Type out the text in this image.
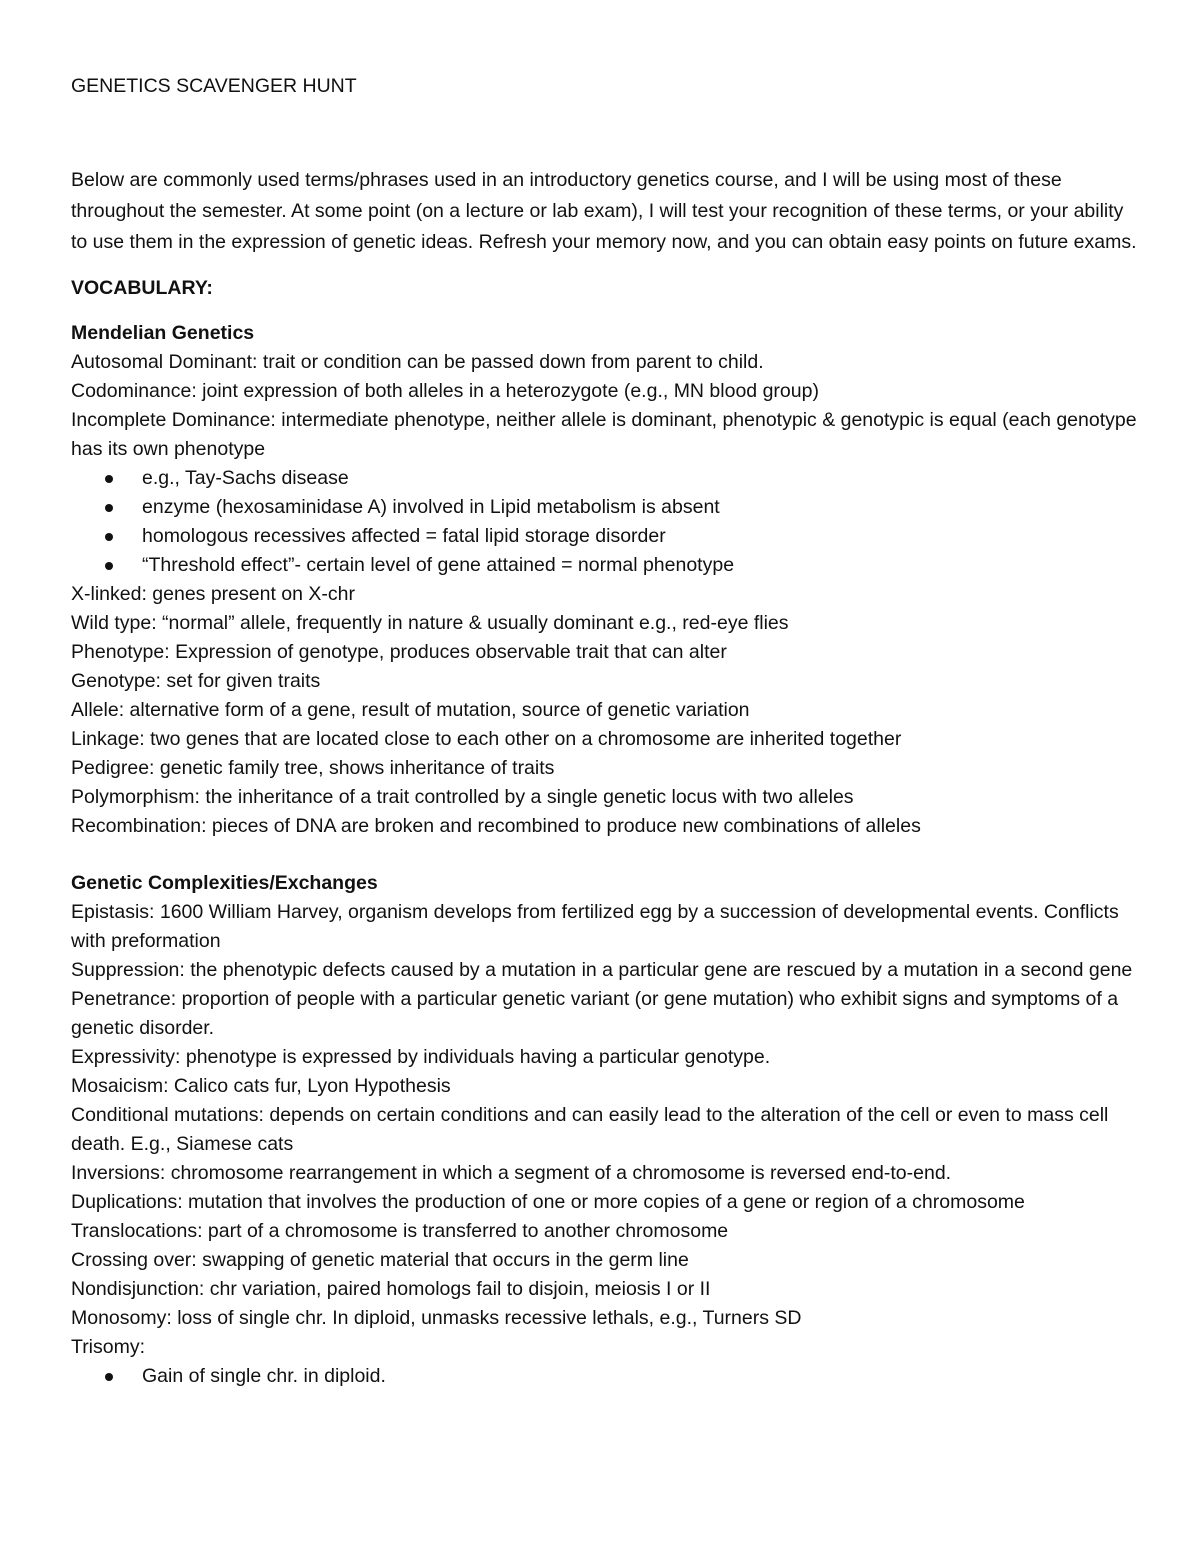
GENETICS SCAVENGER HUNT

Below are commonly used terms/phrases used in an introductory genetics course, and I will be using most of these throughout the semester. At some point (on a lecture or lab exam), I will test your recognition of these terms, or your ability to use them in the expression of genetic ideas. Refresh your memory now, and you can obtain easy points on future exams.

VOCABULARY:
Mendelian Genetics

Autosomal Dominant: trait or condition can be passed down from parent to child.

Codominance: joint expression of both alleles in a heterozygote (e.g., MN blood group)

Incomplete Dominance: intermediate phenotype, neither allele is dominant, phenotypic & genotypic is equal (each genotype has its own phenotype

e.g., Tay-Sachs disease
enzyme (hexosaminidase A) involved in Lipid metabolism is absent
homologous recessives affected = fatal lipid storage disorder
“Threshold effect”- certain level of gene attained = normal phenotype

X-linked: genes present on X-chr

Wild type: “normal” allele, frequently in nature & usually dominant e.g., red-eye flies

Phenotype: Expression of genotype, produces observable trait that can alter

Genotype: set for given traits

Allele: alternative form of a gene, result of mutation, source of genetic variation

Linkage: two genes that are located close to each other on a chromosome are inherited together

Pedigree: genetic family tree, shows inheritance of traits

Polymorphism: the inheritance of a trait controlled by a single genetic locus with two alleles

Recombination: pieces of DNA are broken and recombined to produce new combinations of alleles

Genetic Complexities/Exchanges

Epistasis: 1600 William Harvey, organism develops from fertilized egg by a succession of developmental events. Conflicts with preformation

Suppression: the phenotypic defects caused by a mutation in a particular gene are rescued by a mutation in a second gene

Penetrance: proportion of people with a particular genetic variant (or gene mutation) who exhibit signs and symptoms of a genetic disorder.

Expressivity: phenotype is expressed by individuals having a particular genotype.

Mosaicism: Calico cats fur, Lyon Hypothesis

Conditional mutations: depends on certain conditions and can easily lead to the alteration of the cell or even to mass cell death. E.g., Siamese cats

Inversions: chromosome rearrangement in which a segment of a chromosome is reversed end-to-end.

Duplications: mutation that involves the production of one or more copies of a gene or region of a chromosome

Translocations: part of a chromosome is transferred to another chromosome

Crossing over: swapping of genetic material that occurs in the germ line

Nondisjunction: chr variation, paired homologs fail to disjoin, meiosis I or II

Monosomy: loss of single chr. In diploid, unmasks recessive lethals, e.g., Turners SD

Trisomy:

Gain of single chr. in diploid.
